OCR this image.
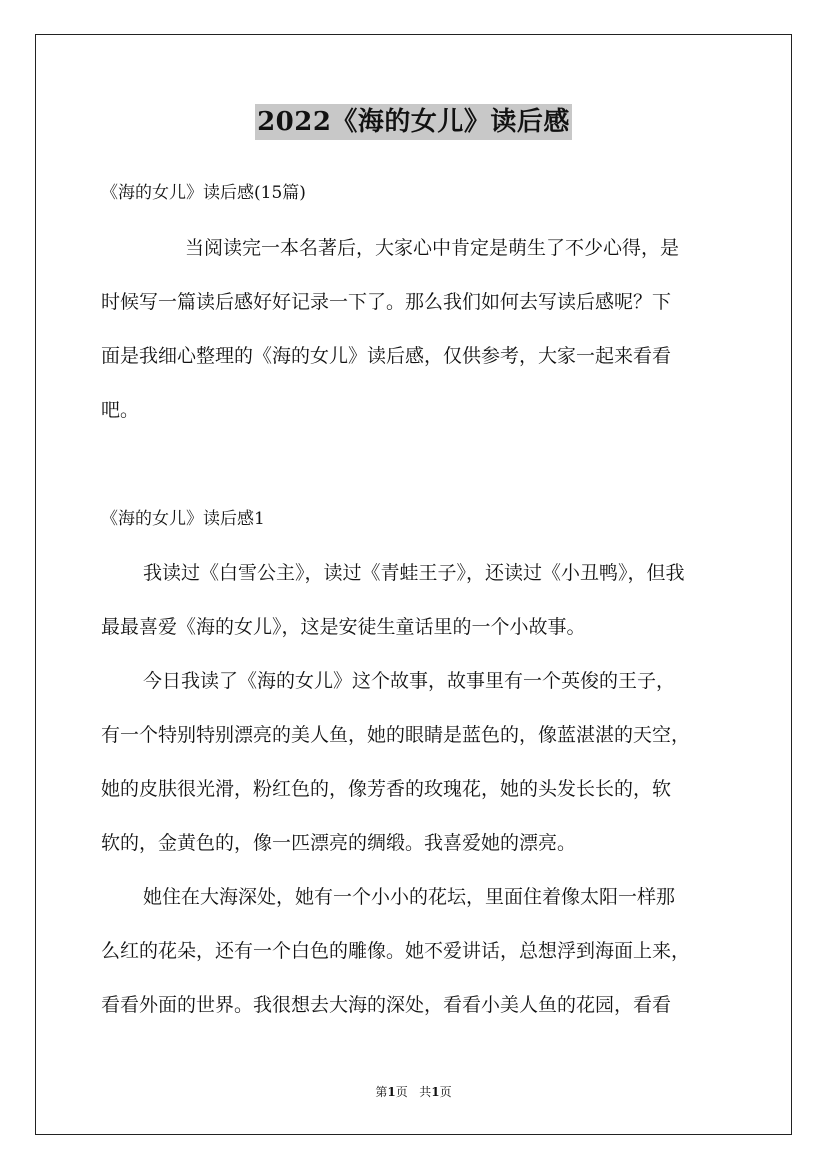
2022《海的女儿》读后感
《海的女儿》读后感(15篇)
当阅读完一本名著后，大家心中肯定是萌生了不少心得，是
时候写一篇读后感好好记录一下了。那么我们如何去写读后感呢？下
面是我细心整理的《海的女儿》读后感，仅供参考，大家一起来看看
吧。
《海的女儿》读后感1
我读过《白雪公主》，读过《青蛙王子》，还读过《小丑鸭》，但我
最最喜爱《海的女儿》，这是安徒生童话里的一个小故事。
今日我读了《海的女儿》这个故事，故事里有一个英俊的王子，
有一个特别特别漂亮的美人鱼，她的眼睛是蓝色的，像蓝湛湛的天空，
她的皮肤很光滑，粉红色的，像芳香的玫瑰花，她的头发长长的，软
软的，金黄色的，像一匹漂亮的绸缎。我喜爱她的漂亮。
她住在大海深处，她有一个小小的花坛，里面住着像太阳一样那
么红的花朵，还有一个白色的雕像。她不爱讲话，总想浮到海面上来，
看看外面的世界。我很想去大海的深处，看看小美人鱼的花园，看看
第1页 共1页
